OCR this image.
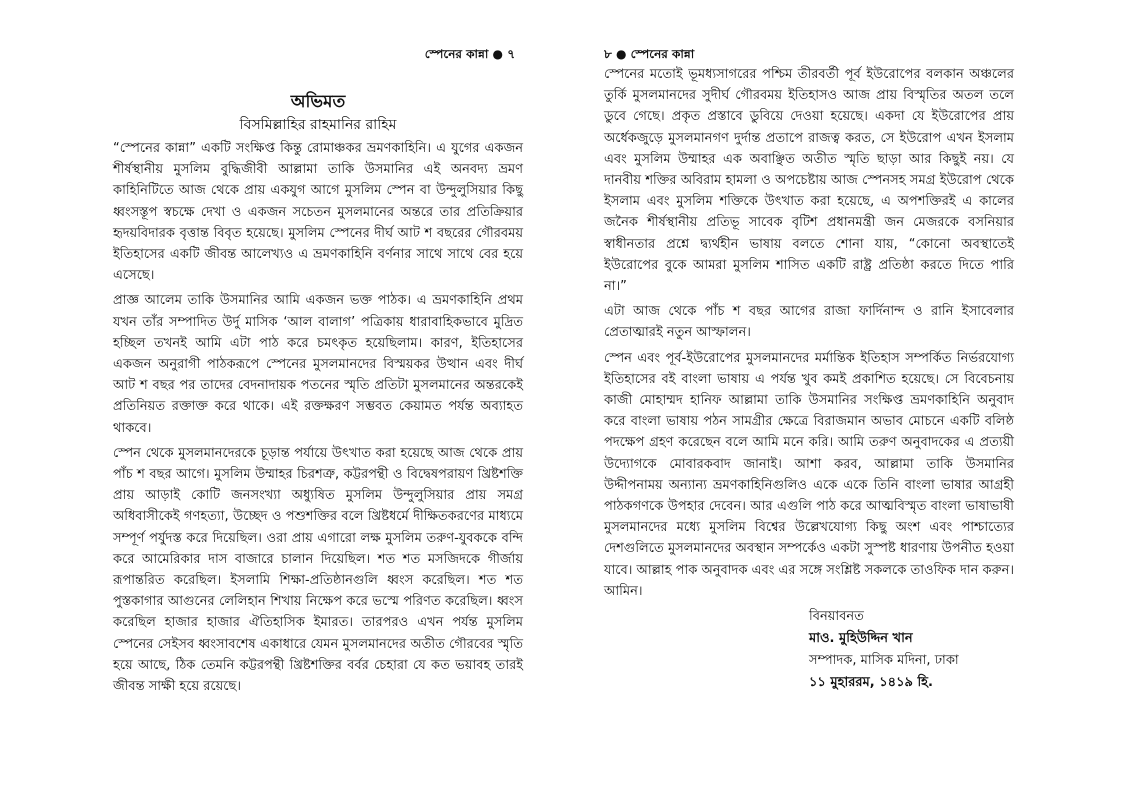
স্পেনের কান্না ● ৭
অভিমত
বিসমিল্লাহির রাহমানির রাহিম

“স্পেনের কান্না” একটি সংক্ষিপ্ত কিন্তু রোমাঞ্চকর ভ্রমণকাহিনি। এ যুগের একজন শীর্ষস্থানীয় মুসলিম বুদ্ধিজীবী আল্লামা তাকি উসমানির এই অনবদ্য ভ্রমণ কাহিনিটিতে আজ থেকে প্রায় একযুগ আগে মুসলিম স্পেন বা উন্দুলুসিয়ার কিছু ধ্বংসস্তূপ স্বচক্ষে দেখা ও একজন সচেতন মুসলমানের অন্তরে তার প্রতিক্রিয়ার হৃদয়বিদারক বৃত্তান্ত বিবৃত হয়েছে। মুসলিম স্পেনের দীর্ঘ আট শ বছরের গৌরবময় ইতিহাসের একটি জীবন্ত আলেখ্যও এ ভ্রমণকাহিনি বর্ণনার সাথে সাথে বের হয়ে এসেছে।

প্রাজ্ঞ আলেম তাকি উসমানির আমি একজন ভক্ত পাঠক। এ ভ্রমণকাহিনি প্রথম যখন তাঁর সম্পাদিত উর্দু মাসিক ‘আল বালাগ’ পত্রিকায় ধারাবাহিকভাবে মুদ্রিত হচ্ছিল তখনই আমি এটা পাঠ করে চমৎকৃত হয়েছিলাম। কারণ, ইতিহাসের একজন অনুরাগী পাঠকরূপে স্পেনের মুসলমানদের বিস্ময়কর উত্থান এবং দীর্ঘ আট শ বছর পর তাদের বেদনাদায়ক পতনের স্মৃতি প্রতিটা মুসলমানের অন্তরকেই প্রতিনিয়ত রক্তাক্ত করে থাকে। এই রক্তক্ষরণ সম্ভবত কেয়ামত পর্যন্ত অব্যাহত থাকবে।

স্পেন থেকে মুসলমানদেরকে চূড়ান্ত পর্যায়ে উৎখাত করা হয়েছে আজ থেকে প্রায় পাঁচ শ বছর আগে। মুসলিম উম্মাহর চিরশত্রু, কট্টরপন্থী ও বিদ্বেষপরায়ণ খ্রিষ্টশক্তি প্রায় আড়াই কোটি জনসংখ্যা অধ্যুষিত মুসলিম উন্দুলুসিয়ার প্রায় সমগ্র অধিবাসীকেই গণহত্যা, উচ্ছেদ ও পশুশক্তির বলে খ্রিষ্টধর্মে দীক্ষিতকরণের মাধ্যমে সম্পূর্ণ পর্যুদস্ত করে দিয়েছিল। ওরা প্রায় এগারো লক্ষ মুসলিম তরুণ-যুবককে বন্দি করে আমেরিকার দাস বাজারে চালান দিয়েছিল। শত শত মসজিদকে গীর্জায় রূপান্তরিত করেছিল। ইসলামি শিক্ষা-প্রতিষ্ঠানগুলি ধ্বংস করেছিল। শত শত পুস্তকাগার আগুনের লেলিহান শিখায় নিক্ষেপ করে ভস্মে পরিণত করেছিল। ধ্বংস করেছিল হাজার হাজার ঐতিহাসিক ইমারত। তারপরও এখন পর্যন্ত মুসলিম স্পেনের সেইসব ধ্বংসাবশেষ একাধারে যেমন মুসলমানদের অতীত গৌরবের স্মৃতি হয়ে আছে, ঠিক তেমনি কট্টরপন্থী খ্রিষ্টশক্তির বর্বর চেহারা যে কত ভয়াবহ তারই জীবন্ত সাক্ষী হয়ে রয়েছে।

৮ ● স্পেনের কান্না

স্পেনের মতোই ভূমধ্যসাগরের পশ্চিম তীরবর্তী পূর্ব ইউরোপের বলকান অঞ্চলের তুর্কি মুসলমানদের সুদীর্ঘ গৌরবময় ইতিহাসও আজ প্রায় বিস্মৃতির অতল তলে ডুবে গেছে। প্রকৃত প্রস্তাবে ডুবিয়ে দেওয়া হয়েছে। একদা যে ইউরোপের প্রায় অর্ধেকজুড়ে মুসলমানগণ দুর্দান্ত প্রতাপে রাজত্ব করত, সে ইউরোপ এখন ইসলাম এবং মুসলিম উম্মাহর এক অবাঞ্ছিত অতীত স্মৃতি ছাড়া আর কিছুই নয়। যে দানবীয় শক্তির অবিরাম হামলা ও অপচেষ্টায় আজ স্পেনসহ সমগ্র ইউরোপ থেকে ইসলাম এবং মুসলিম শক্তিকে উৎখাত করা হয়েছে, এ অপশক্তিরই এ কালের জনৈক শীর্ষস্থানীয় প্রতিভূ সাবেক বৃটিশ প্রধানমন্ত্রী জন মেজরকে বসনিয়ার স্বাধীনতার প্রশ্নে দ্ব্যর্থহীন ভাষায় বলতে শোনা যায়, “কোনো অবস্থাতেই ইউরোপের বুকে আমরা মুসলিম শাসিত একটি রাষ্ট্র প্রতিষ্ঠা করতে দিতে পারি না।”

এটা আজ থেকে পাঁচ শ বছর আগের রাজা ফার্দিনান্দ ও রানি ইসাবেলার প্রেতাত্মারই নতুন আস্ফালন।

স্পেন এবং পূর্ব-ইউরোপের মুসলমানদের মর্মান্তিক ইতিহাস সম্পর্কিত নির্ভরযোগ্য ইতিহাসের বই বাংলা ভাষায় এ পর্যন্ত খুব কমই প্রকাশিত হয়েছে। সে বিবেচনায় কাজী মোহাম্মদ হানিফ আল্লামা তাকি উসমানির সংক্ষিপ্ত ভ্রমণকাহিনি অনুবাদ করে বাংলা ভাষায় পঠন সামগ্রীর ক্ষেত্রে বিরাজমান অভাব মোচনে একটি বলিষ্ঠ পদক্ষেপ গ্রহণ করেছেন বলে আমি মনে করি। আমি তরুণ অনুবাদকের এ প্রত্যয়ী উদ্যোগকে মোবারকবাদ জানাই। আশা করব, আল্লামা তাকি উসমানির উদ্দীপনাময় অন্যান্য ভ্রমণকাহিনিগুলিও একে একে তিনি বাংলা ভাষার আগ্রহী পাঠকগণকে উপহার দেবেন। আর এগুলি পাঠ করে আত্মবিস্মৃত বাংলা ভাষাভাষী মুসলমানদের মধ্যে মুসলিম বিশ্বের উল্লেখযোগ্য কিছু অংশ এবং পাশ্চাত্যের দেশগুলিতে মুসলমানদের অবস্থান সম্পর্কেও একটা সুস্পষ্ট ধারণায় উপনীত হওয়া যাবে। আল্লাহ পাক অনুবাদক এবং এর সঙ্গে সংশ্লিষ্ট সকলকে তাওফিক দান করুন। আমিন।

বিনয়াবনত
মাও. মুহিউদ্দিন খান
সম্পাদক, মাসিক মদিনা, ঢাকা
১১ মুহাররম, ১৪১৯ হি.
